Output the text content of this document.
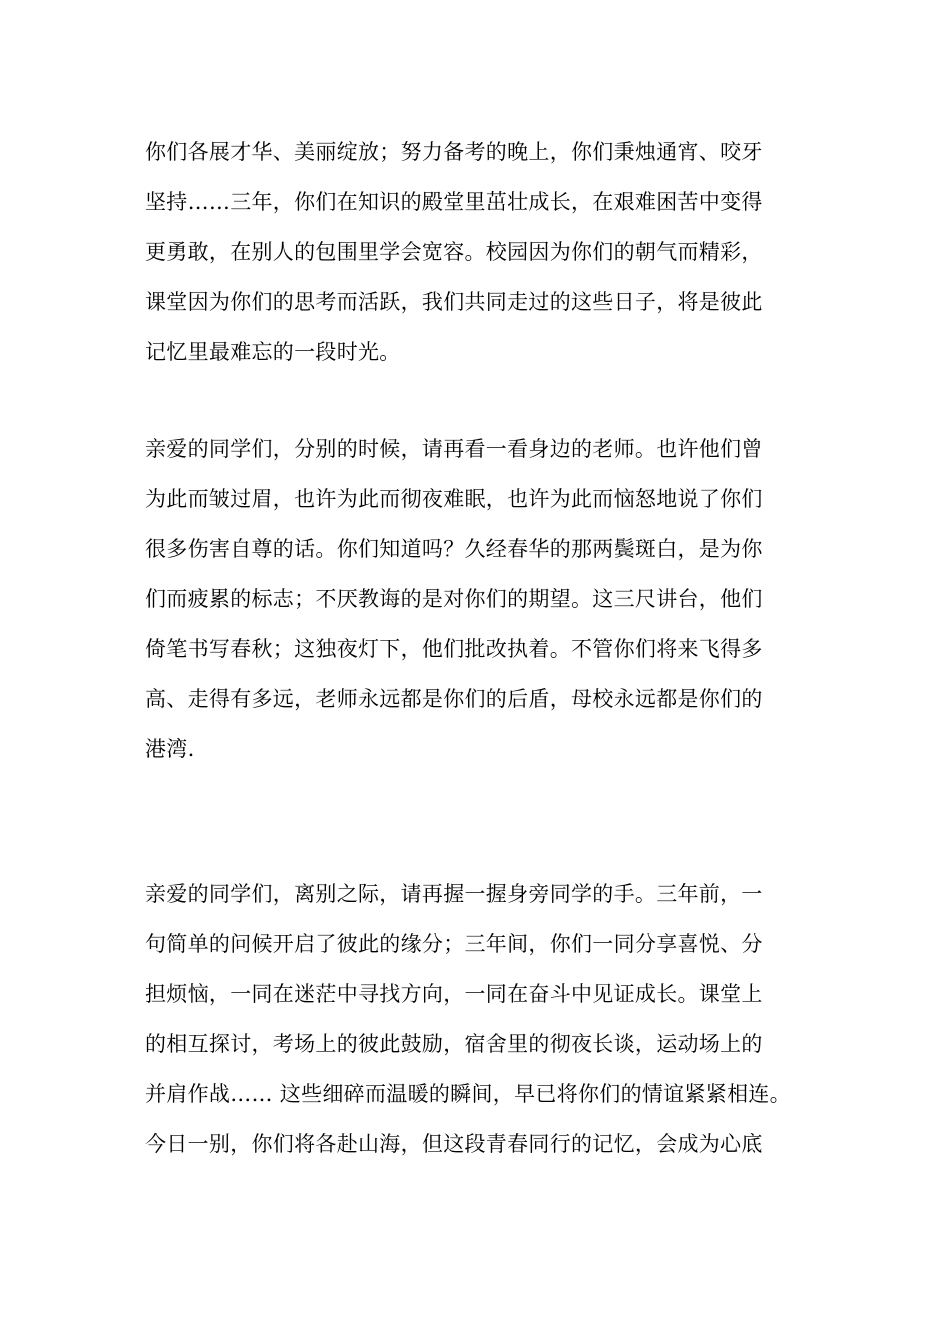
你们各展才华、美丽绽放；努力备考的晚上，你们秉烛通宵、咬牙
坚持……三年，你们在知识的殿堂里茁壮成长，在艰难困苦中变得
更勇敢，在别人的包围里学会宽容。校园因为你们的朝气而精彩，
课堂因为你们的思考而活跃，我们共同走过的这些日子，将是彼此
记忆里最难忘的一段时光。
亲爱的同学们，分别的时候，请再看一看身边的老师。也许他们曾
为此而皱过眉，也许为此而彻夜难眠，也许为此而恼怒地说了你们
很多伤害自尊的话。你们知道吗？久经春华的那两鬓斑白，是为你
们而疲累的标志；不厌教诲的是对你们的期望。这三尺讲台，他们
倚笔书写春秋；这独夜灯下，他们批改执着。不管你们将来飞得多
高、走得有多远，老师永远都是你们的后盾，母校永远都是你们的
港湾.
亲爱的同学们，离别之际，请再握一握身旁同学的手。三年前，一
句简单的问候开启了彼此的缘分；三年间，你们一同分享喜悦、分
担烦恼，一同在迷茫中寻找方向，一同在奋斗中见证成长。课堂上
的相互探讨，考场上的彼此鼓励，宿舍里的彻夜长谈，运动场上的
并肩作战…… 这些细碎而温暖的瞬间，早已将你们的情谊紧紧相连。
今日一别，你们将各赴山海，但这段青春同行的记忆，会成为心底
